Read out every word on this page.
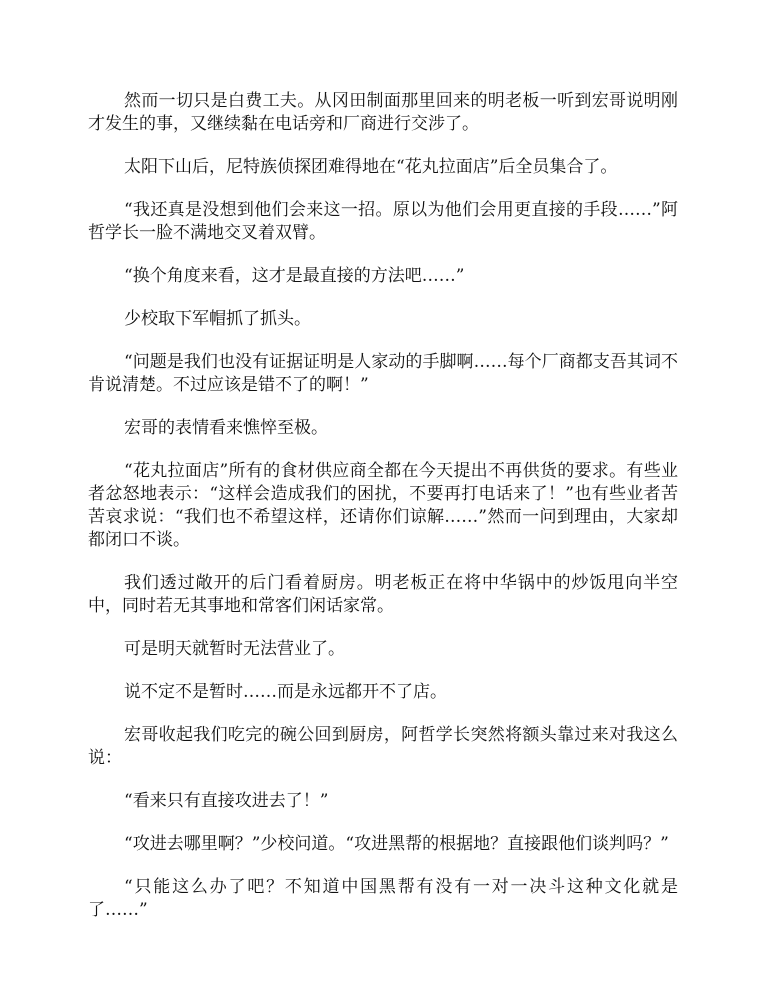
然而一切只是白费工夫。从冈田制面那里回来的明老板一听到宏哥说明刚才发生的事，又继续黏在电话旁和厂商进行交涉了。

太阳下山后，尼特族侦探团难得地在“花丸拉面店”后全员集合了。

“我还真是没想到他们会来这一招。原以为他们会用更直接的手段……”阿哲学长一脸不满地交叉着双臂。

“换个角度来看，这才是最直接的方法吧……”

少校取下军帽抓了抓头。

“问题是我们也没有证据证明是人家动的手脚啊……每个厂商都支吾其词不肯说清楚。不过应该是错不了的啊！”

宏哥的表情看来憔悴至极。

“花丸拉面店”所有的食材供应商全都在今天提出不再供货的要求。有些业者忿怒地表示：“这样会造成我们的困扰，不要再打电话来了！”也有些业者苦苦哀求说：“我们也不希望这样，还请你们谅解……”然而一问到理由，大家却都闭口不谈。

我们透过敞开的后门看着厨房。明老板正在将中华锅中的炒饭甩向半空中，同时若无其事地和常客们闲话家常。

可是明天就暂时无法营业了。

说不定不是暂时……而是永远都开不了店。

宏哥收起我们吃完的碗公回到厨房，阿哲学长突然将额头靠过来对我这么说：

“看来只有直接攻进去了！”

“攻进去哪里啊？”少校问道。“攻进黑帮的根据地？直接跟他们谈判吗？”

“只能这么办了吧？不知道中国黑帮有没有一对一决斗这种文化就是了……”
